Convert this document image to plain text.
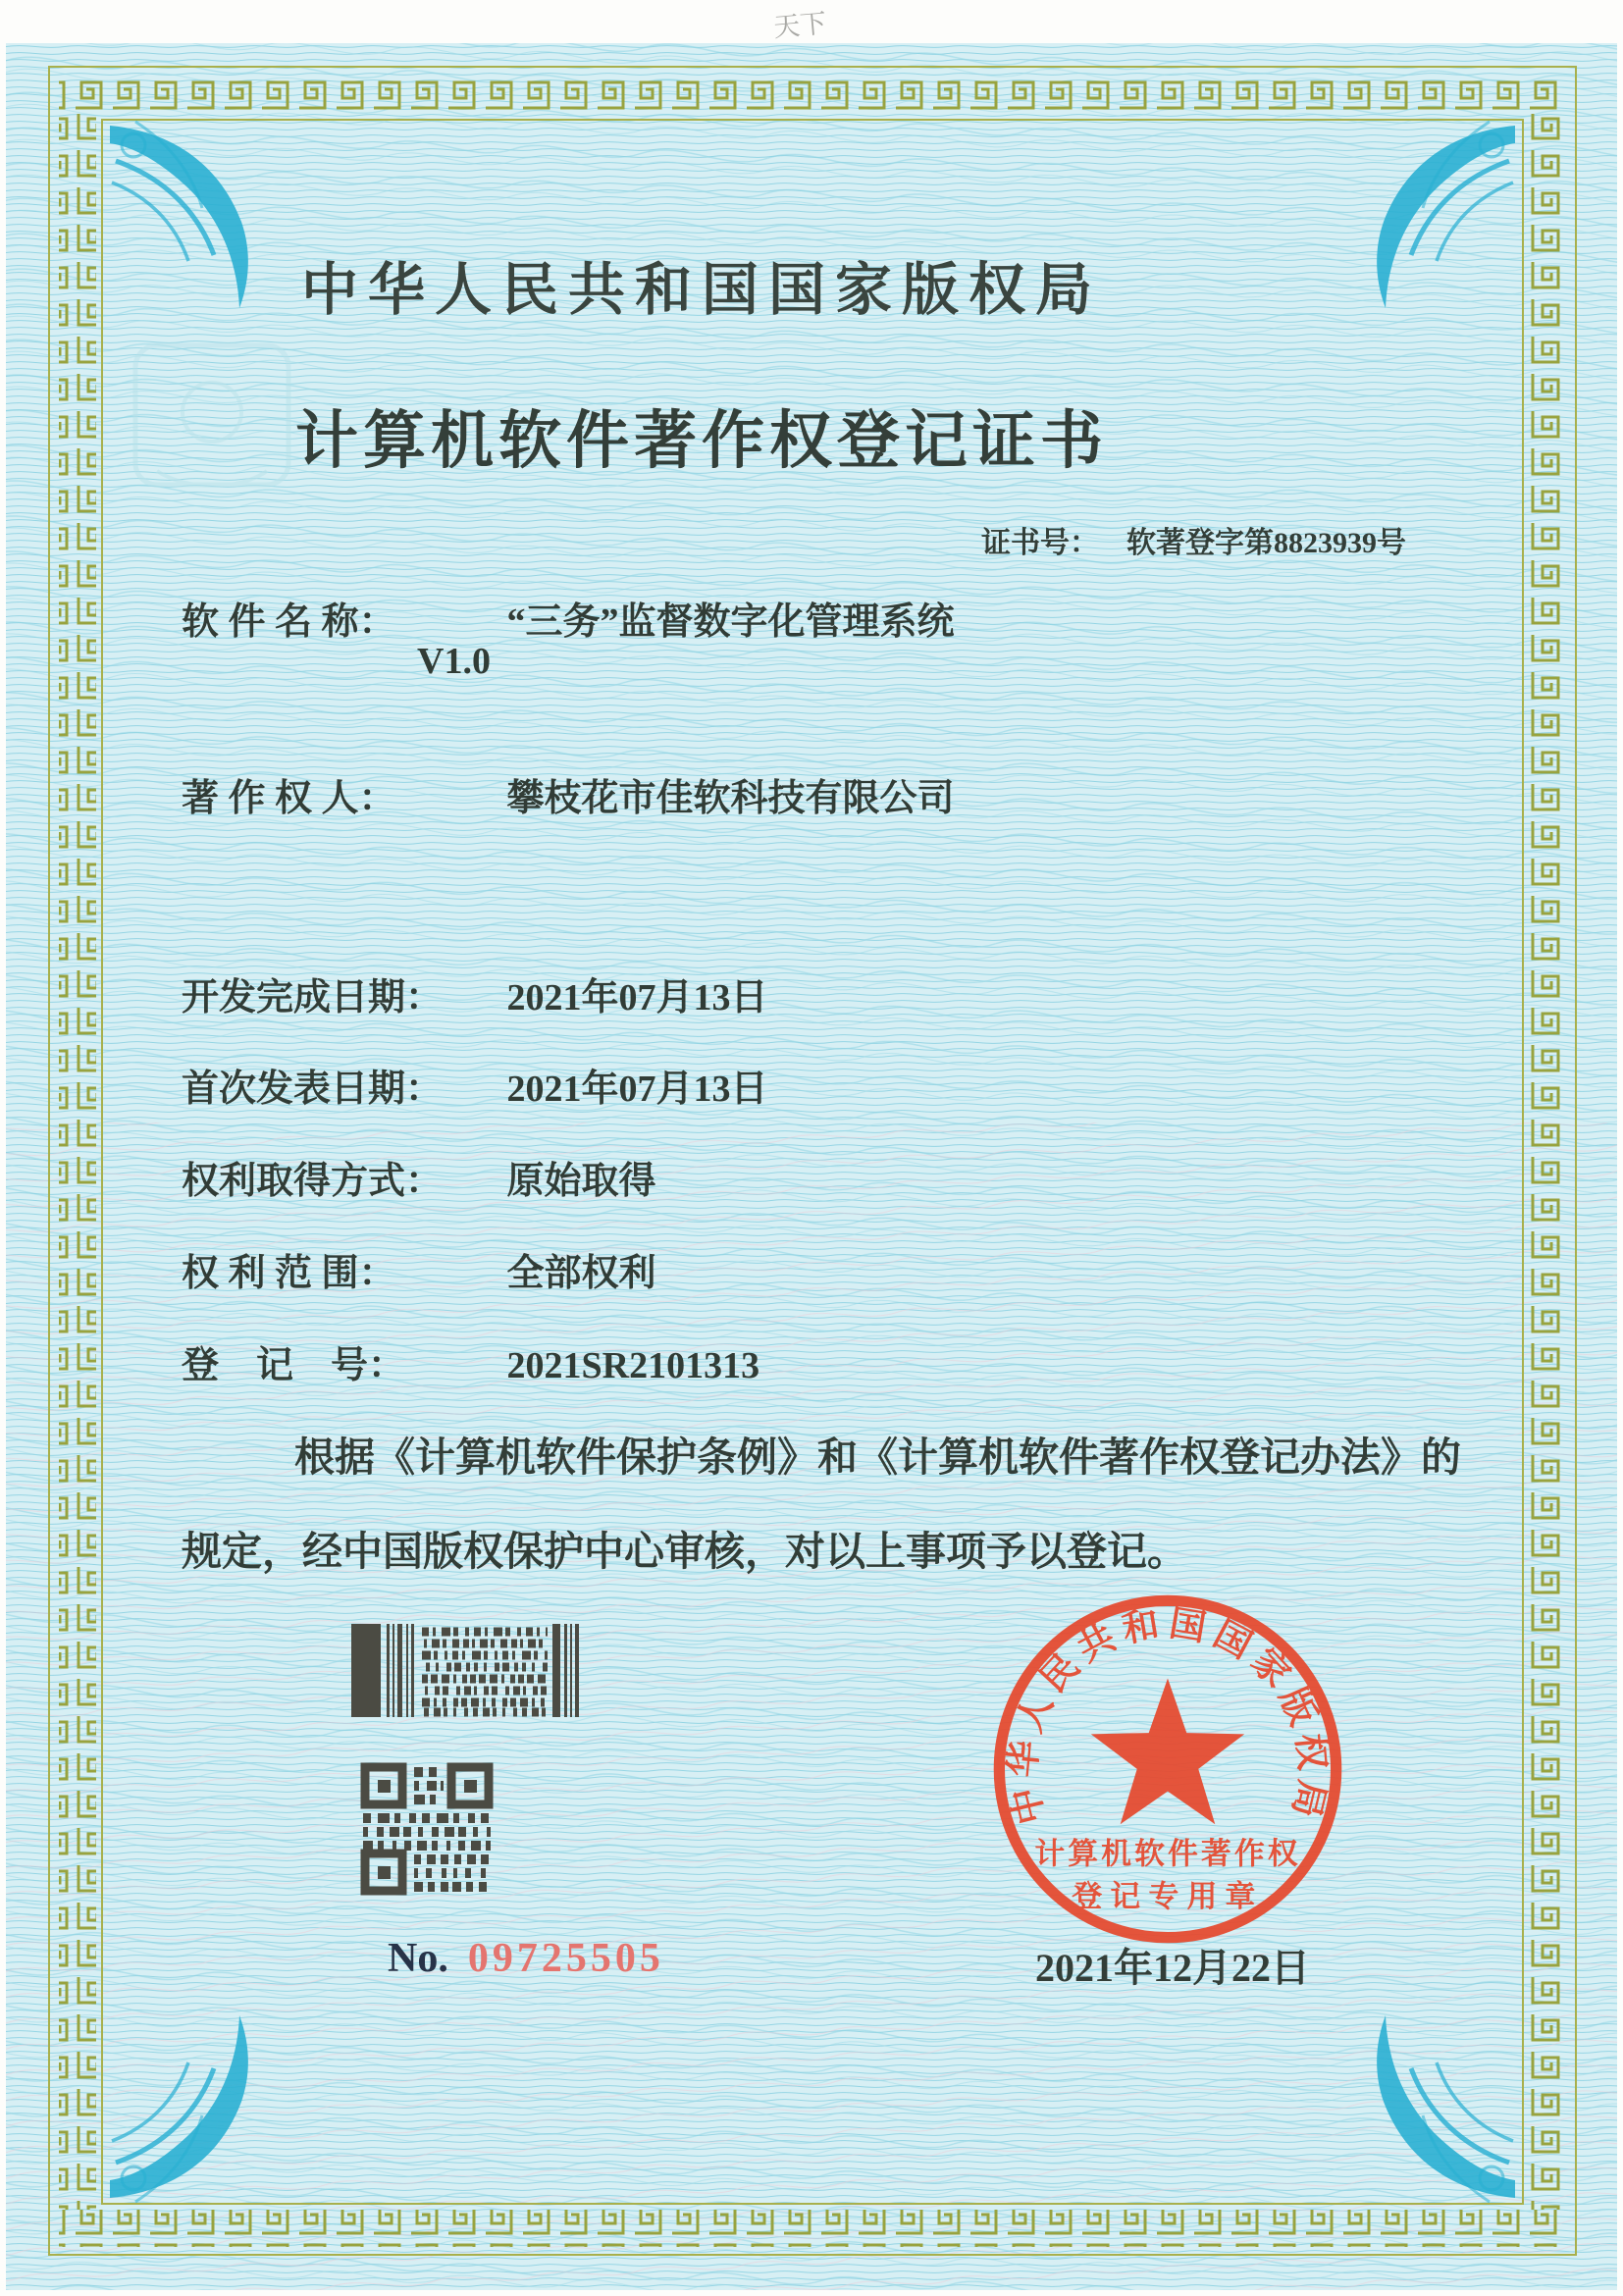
天下
中华人民共和国国家版权局
计算机软件著作权登记证书
证书号： 软著登字第8823939号
软 件 名 称：	“三务”监督数字化管理系统
V1.0
著 作 权 人：	攀枝花市佳软科技有限公司
开发完成日期： 2021年07月13日
首次发表日期： 2021年07月13日
权利取得方式： 原始取得
权 利 范 围：	全部权利
登　记　号：	2021SR2101313
根据《计算机软件保护条例》和《计算机软件著作权登记办法》的
规定，经中国版权保护中心审核，对以上事项予以登记。
No. 09725505
中华人民共和国国家版权局
计算机软件著作权
登记专用章
2021年12月22日
